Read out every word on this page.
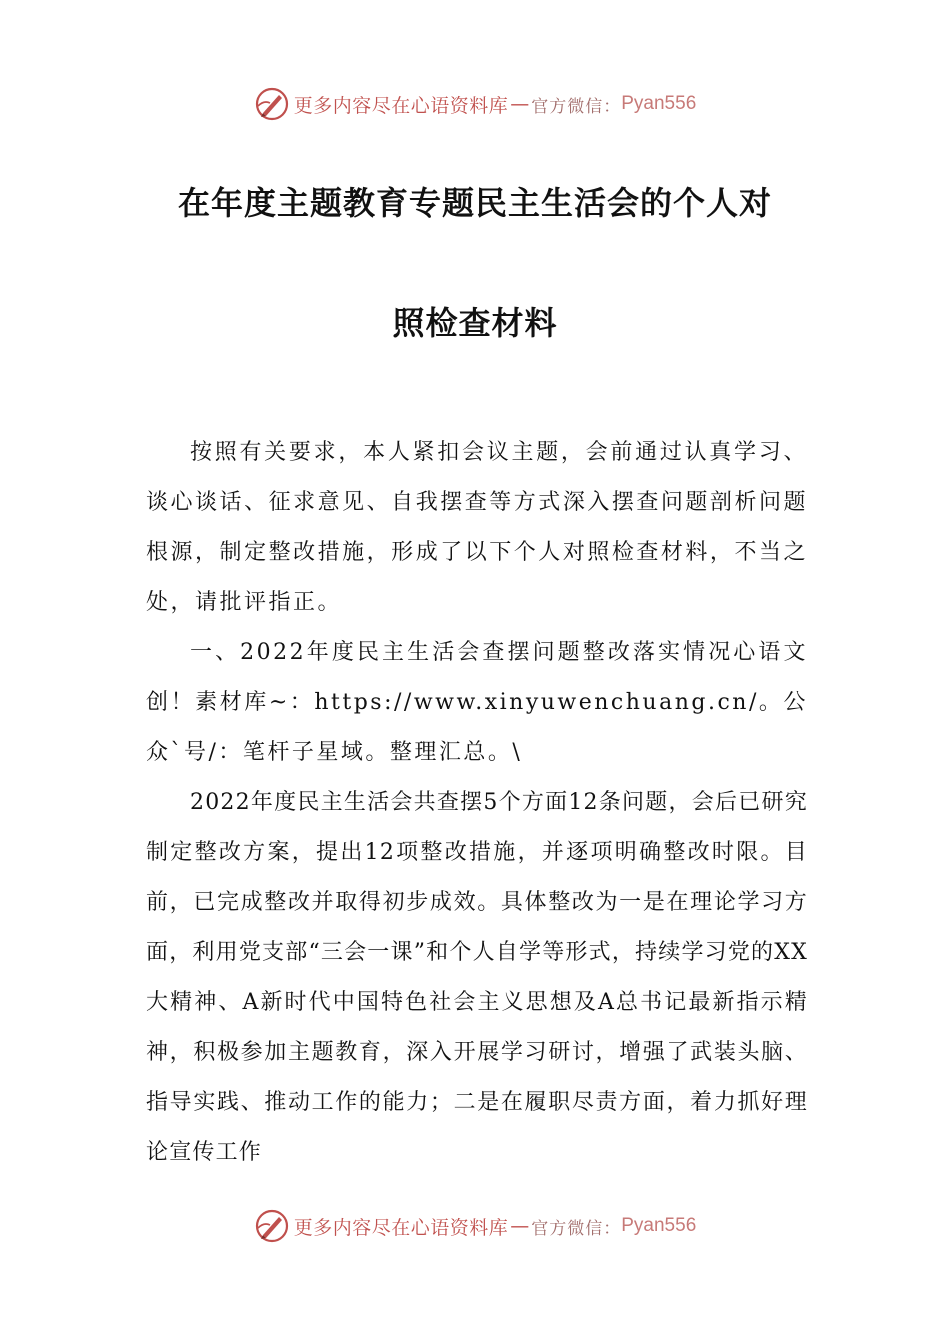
更多内容尽在心语资料库 — 官方微信： Pyan556
在年度主题教育专题民主生活会的个人对
照检查材料

按照有关要求，本人紧扣会议主题，会前通过认真学习、谈心谈话、征求意见、自我摆查等方式深入摆查问题剖析问题根源，制定整改措施，形成了以下个人对照检查材料，不当之处，请批评指正。

一、2022年度民主生活会查摆问题整改落实情况心语文创！素材库~：https://www.xinyuwenchuang.cn/。公众`号/：笔杆子星域。整理汇总。\

2022年度民主生活会共查摆5个方面12条问题，会后已研究制定整改方案，提出12项整改措施，并逐项明确整改时限。目前，已完成整改并取得初步成效。具体整改为一是在理论学习方面，利用党支部“三会一课”和个人自学等形式，持续学习党的XX大精神、A新时代中国特色社会主义思想及A总书记最新指示精神，积极参加主题教育，深入开展学习研讨，增强了武装头脑、指导实践、推动工作的能力；二是在履职尽责方面，着力抓好理论宣传工作

更多内容尽在心语资料库 — 官方微信： Pyan556
